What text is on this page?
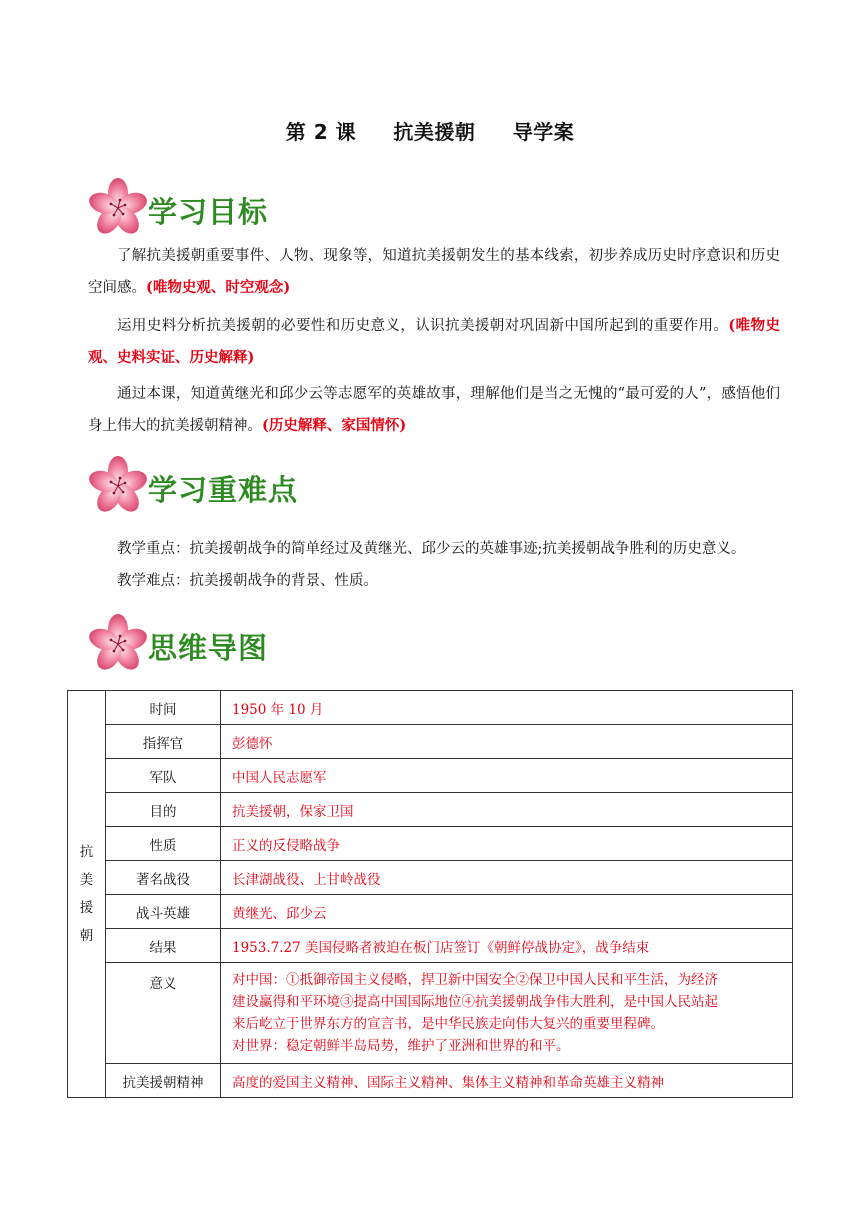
第 2 课     抗美援朝     导学案
学习目标
了解抗美援朝重要事件、人物、现象等，知道抗美援朝发生的基本线索，初步养成历史时序意识和历史空间感。(唯物史观、时空观念)
运用史料分析抗美援朝的必要性和历史意义，认识抗美援朝对巩固新中国所起到的重要作用。(唯物史观、史料实证、历史解释)
通过本课，知道黄继光和邱少云等志愿军的英雄故事，理解他们是当之无愧的“最可爱的人”，感悟他们身上伟大的抗美援朝精神。(历史解释、家国情怀)
学习重难点
教学重点：抗美援朝战争的简单经过及黄继光、邱少云的英雄事迹;抗美援朝战争胜利的历史意义。
教学难点：抗美援朝战争的背景、性质。
思维导图
抗
美
援
朝	时间	1950 年 10 月
	指挥官	彭德怀
	军队	中国人民志愿军
	目的	抗美援朝，保家卫国
	性质	正义的反侵略战争
	著名战役	长津湖战役、上甘岭战役
	战斗英雄	黄继光、邱少云
	结果	1953.7.27 美国侵略者被迫在板门店签订《朝鲜停战协定》，战争结束
	意义	对中国：①抵御帝国主义侵略，捍卫新中国安全②保卫中国人民和平生活，为经济
建设赢得和平环境③提高中国国际地位④抗美援朝战争伟大胜利，是中国人民站起
来后屹立于世界东方的宣言书，是中华民族走向伟大复兴的重要里程碑。
对世界：稳定朝鲜半岛局势，维护了亚洲和世界的和平。

	抗美援朝精神	高度的爱国主义精神、国际主义精神、集体主义精神和革命英雄主义精神
